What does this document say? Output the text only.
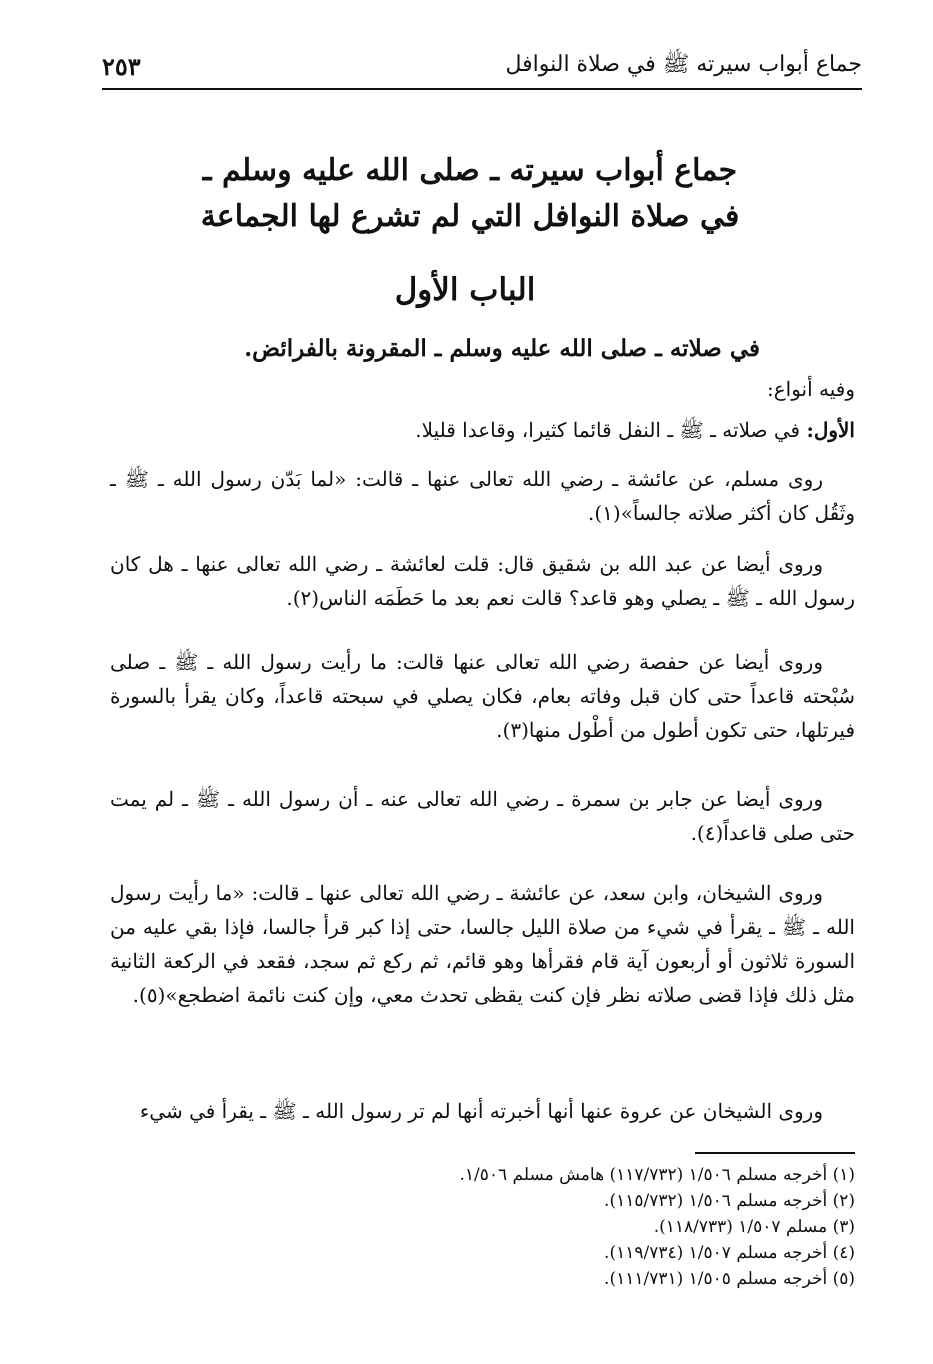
جماع أبواب سيرته ﷺ في صلاة النوافل
٢٥٣
جماع أبواب سيرته ـ صلى الله عليه وسلم ـ
في صلاة النوافل التي لم تشرع لها الجماعة
الباب الأول
في صلاته ـ صلى الله عليه وسلم ـ المقرونة بالفرائض.
وفيه أنواع:
الأول: في صلاته ـ ﷺ ـ النفل قائما كثيرا، وقاعدا قليلا.
روى مسلم، عن عائشة ـ رضي الله تعالى عنها ـ قالت: «لما بَدّن رسول الله ـ ﷺ ـ وثَقُل كان أكثر صلاته جالساً»(١).
وروى أيضا عن عبد الله بن شقيق قال: قلت لعائشة ـ رضي الله تعالى عنها ـ هل كان رسول الله ـ ﷺ ـ يصلي وهو قاعد؟ قالت نعم بعد ما حَطَمَه الناس(٢).
وروى أيضا عن حفصة رضي الله تعالى عنها قالت: ما رأيت رسول الله ـ ﷺ ـ صلى سُبْحته قاعداً حتى كان قبل وفاته بعام، فكان يصلي في سبحته قاعداً، وكان يقرأ بالسورة فيرتلها، حتى تكون أطول من أطْول منها(٣).
وروى أيضا عن جابر بن سمرة ـ رضي الله تعالى عنه ـ أن رسول الله ـ ﷺ ـ لم يمت حتى صلى قاعداً(٤).
وروى الشيخان، وابن سعد، عن عائشة ـ رضي الله تعالى عنها ـ قالت: «ما رأيت رسول الله ـ ﷺ ـ يقرأ في شيء من صلاة الليل جالسا، حتى إذا كبر قرأ جالسا، فإذا بقي عليه من السورة ثلاثون أو أربعون آية قام فقرأها وهو قائم، ثم ركع ثم سجد، فقعد في الركعة الثانية مثل ذلك فإذا قضى صلاته نظر فإن كنت يقظى تحدث معي، وإن كنت نائمة اضطجع»(٥).
وروى الشيخان عن عروة عنها أنها أخبرته أنها لم تر رسول الله ـ ﷺ ـ يقرأ في شيء
(١) أخرجه مسلم ١/٥٠٦ (١١٧/٧٣٢) هامش مسلم ١/٥٠٦.
(٢) أخرجه مسلم ١/٥٠٦ (١١٥/٧٣٢).
(٣) مسلم ١/٥٠٧ (١١٨/٧٣٣).
(٤) أخرجه مسلم ١/٥٠٧ (١١٩/٧٣٤).
(٥) أخرجه مسلم ١/٥٠٥ (١١١/٧٣١).
